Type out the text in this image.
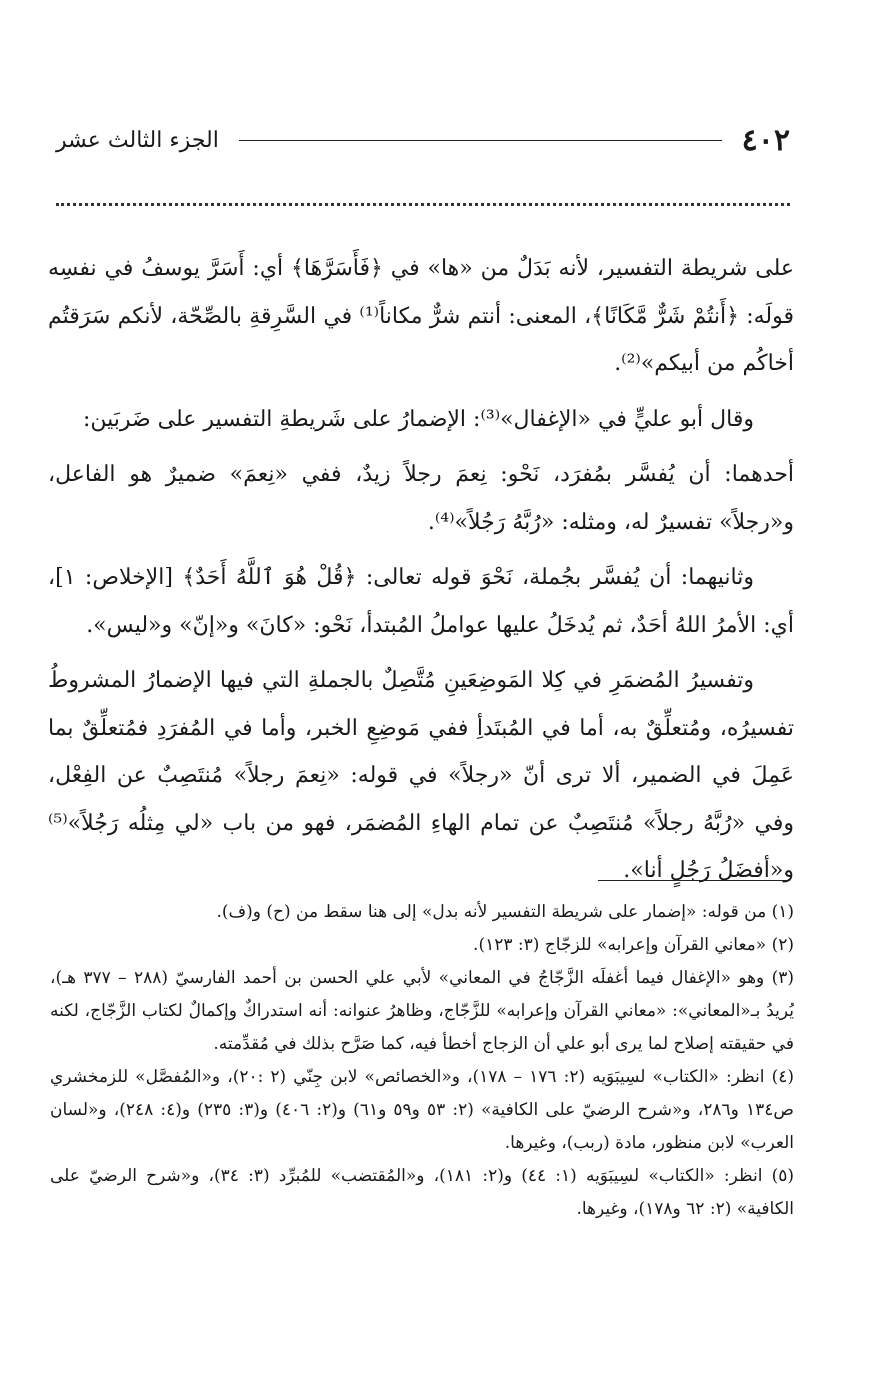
٤٠٢
الجزء الثالث عشر

على شريطة التفسير، لأنه بَدَلٌ من «ها» في ﴿فَأَسَرَّهَا﴾ أي: أَسَرَّ يوسفُ في نفسِه قولَه: ﴿أَنتُمْ شَرٌّ مَّكَانًا﴾، المعنى: أنتم شرٌّ مكاناً⁽¹⁾ في السَّرِقةِ بالصِّحّة، لأنكم سَرَقتُم أخاكُم من أبيكم»⁽²⁾.

وقال أبو عليٍّ في «الإغفال»⁽³⁾: الإضمارُ على شَريطةِ التفسير على ضَربَين:

أحدهما: أن يُفسَّر بمُفرَد، نَحْو: نِعمَ رجلاً زيدٌ، ففي «نِعمَ» ضميرٌ هو الفاعل، و«رجلاً» تفسيرٌ له، ومثله: «رُبَّهُ رَجُلاً»⁽⁴⁾.

وثانيهما: أن يُفسَّر بجُملة، نَحْوَ قوله تعالى: ﴿قُلْ هُوَ ٱللَّهُ أَحَدٌ﴾ [الإخلاص: ١]، أي: الأمرُ اللهُ أحَدٌ، ثم يُدخَلُ عليها عواملُ المُبتدأ، نَحْو: «كانَ» و«إنّ» و«ليس».

وتفسيرُ المُضمَرِ في كِلا المَوضِعَينِ مُتَّصِلٌ بالجملةِ التي فيها الإضمارُ المشروطُ تفسيرُه، ومُتعلِّقٌ به، أما في المُبتَدأِ ففي مَوضِعِ الخبر، وأما في المُفرَدِ فمُتعلِّقٌ بما عَمِلَ في الضمير، ألا ترى أنّ «رجلاً» في قوله: «نِعمَ رجلاً» مُنتَصِبٌ عن الفِعْل، وفي «رُبَّهُ رجلاً» مُنتَصِبٌ عن تمام الهاءِ المُضمَر، فهو من باب «لي مِثلُه رَجُلاً»⁽⁵⁾ و«أفضَلُ رَجُلٍ أنا».

(١) من قوله: «إضمار على شريطة التفسير لأنه بدل» إلى هنا سقط من (ح) و(ف).

(٢) «معاني القرآن وإعرابه» للزجّاج (٣: ١٢٣).

(٣) وهو «الإغفال فيما أغفلَه الزَّجّاجُ في المعاني» لأبي علي الحسن بن أحمد الفارسيّ (٢٨٨ – ٣٧٧ هـ)، يُريدُ بـ«المعاني»: «معاني القرآن وإعرابه» للزَّجّاج، وظاهرُ عنوانه: أنه استدراكٌ وإكمالٌ لكتاب الزَّجّاج، لكنه في حقيقته إصلاح لما يرى أبو علي أن الزجاج أخطأ فيه، كما صَرَّح بذلك في مُقدِّمته.

(٤) انظر: «الكتاب» لسِيبَوَيه (٢: ١٧٦ – ١٧٨)، و«الخصائص» لابن جِنّي (٢ :٢٠)، و«المُفصَّل» للزمخشري ص١٣٤ و٢٨٦، و«شرح الرضيّ على الكافية» (٢: ٥٣ و٥٩ و٦١) و(٢: ٤٠٦) و(٣: ٢٣٥) و(٤: ٢٤٨)، و«لسان العرب» لابن منظور، مادة (ربب)، وغيرها.

(٥) انظر: «الكتاب» لسِيبَوَيه (١: ٤٤) و(٢: ١٨١)، و«المُقتضب» للمُبرِّد (٣: ٣٤)، و«شرح الرضيّ على الكافية» (٢: ٦٢ و١٧٨)، وغيرها.
